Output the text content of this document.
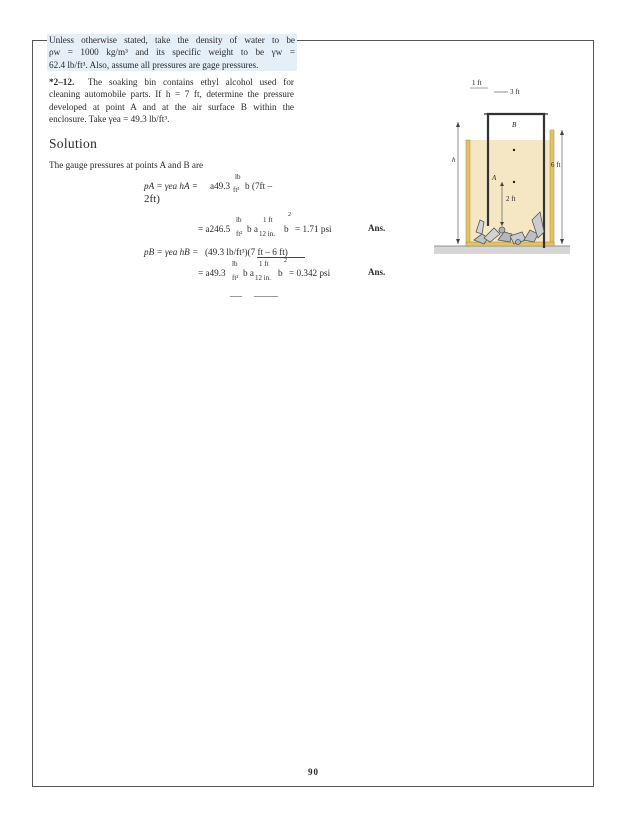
Unless otherwise stated, take the density of water to be
ρw = 1000 kg/m³ and its specific weight to be γw =
62.4 lb/ft³. Also, assume all pressures are gage pressures.
*2–12. The soaking bin contains ethyl alcohol used for
cleaning automobile parts. If h = 7 ft, determine the pressure
developed at point A and at the air surface B within the
enclosure. Take γea = 49.3 lb/ft³.
Solution
The gauge pressures at points A and B are
pA = γea hA = a49.3
lb
ft³ b (7ft –
2ft)
= a246.5
lb
ft² b a
1 ft
12 in.
2
b = 1.71 psi	Ans.
pB = γea hB = (49.3 lb/ft³)(7 ft – 6 ft)
= a49.3
lb
ft² b a
1 ft
12 in.
2
b = 0.342 psi	Ans.
1 ft
3 ft
B
h
A
6 ft
2 ft
90
